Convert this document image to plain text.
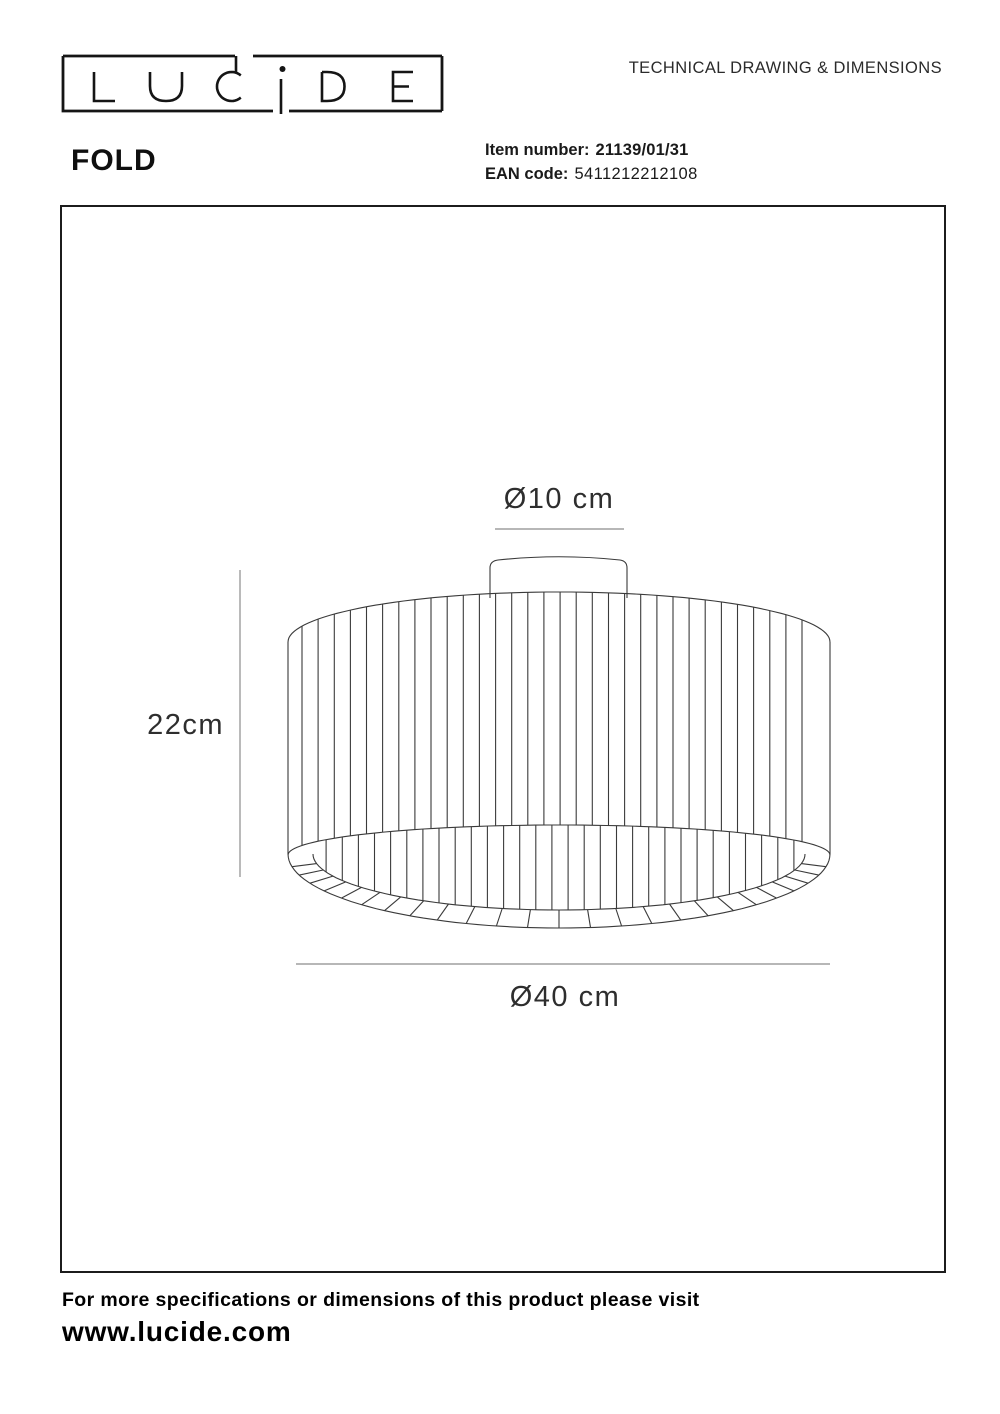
TECHNICAL DRAWING & DIMENSIONS
FOLD	Item number: 21139/01/31
EAN code: 5411212212108
Ø10 cm
22cm
Ø40 cm
For more specifications or dimensions of this product please visit
www.lucide.com
